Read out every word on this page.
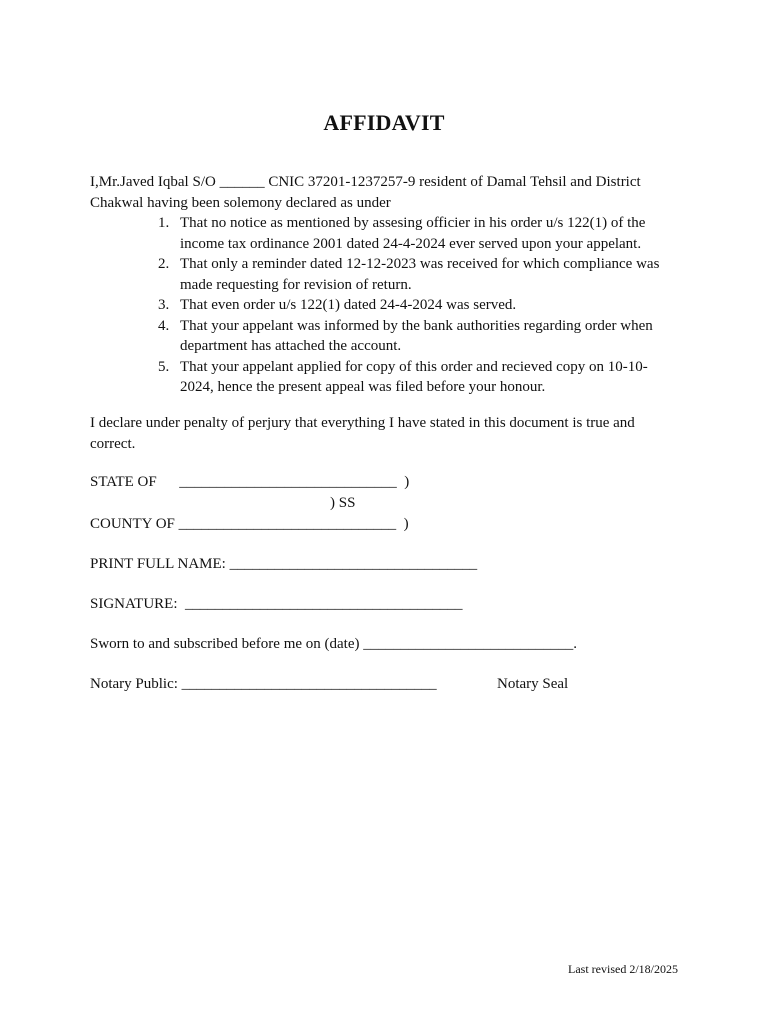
AFFIDAVIT
I,Mr.Javed Iqbal S/O ______ CNIC 37201-1237257-9 resident of Damal Tehsil and District
Chakwal having been solemony declared as under
1. That no notice as mentioned by assesing officier in his order u/s 122(1) of the
income tax ordinance 2001 dated 24-4-2024 ever served upon your appelant.
2. That only a reminder dated 12-12-2023 was received for which compliance was
made requesting for revision of return.
3. That even order u/s 122(1) dated 24-4-2024 was served.
4. That your appelant was informed by the bank authorities regarding order when
department has attached the account.
5. That your appelant applied for copy of this order and recieved copy on 10-10-
2024, hence the present appeal was filed before your honour.
I declare under penalty of perjury that everything I have stated in this document is true and
correct.
STATE OF      _____________________________  )
) SS
COUNTY OF _____________________________  )
PRINT FULL NAME: _________________________________
SIGNATURE:  _____________________________________
Sworn to and subscribed before me on (date) ____________________________.
Notary Public: __________________________________	Notary Seal
Last revised 2/18/2025
